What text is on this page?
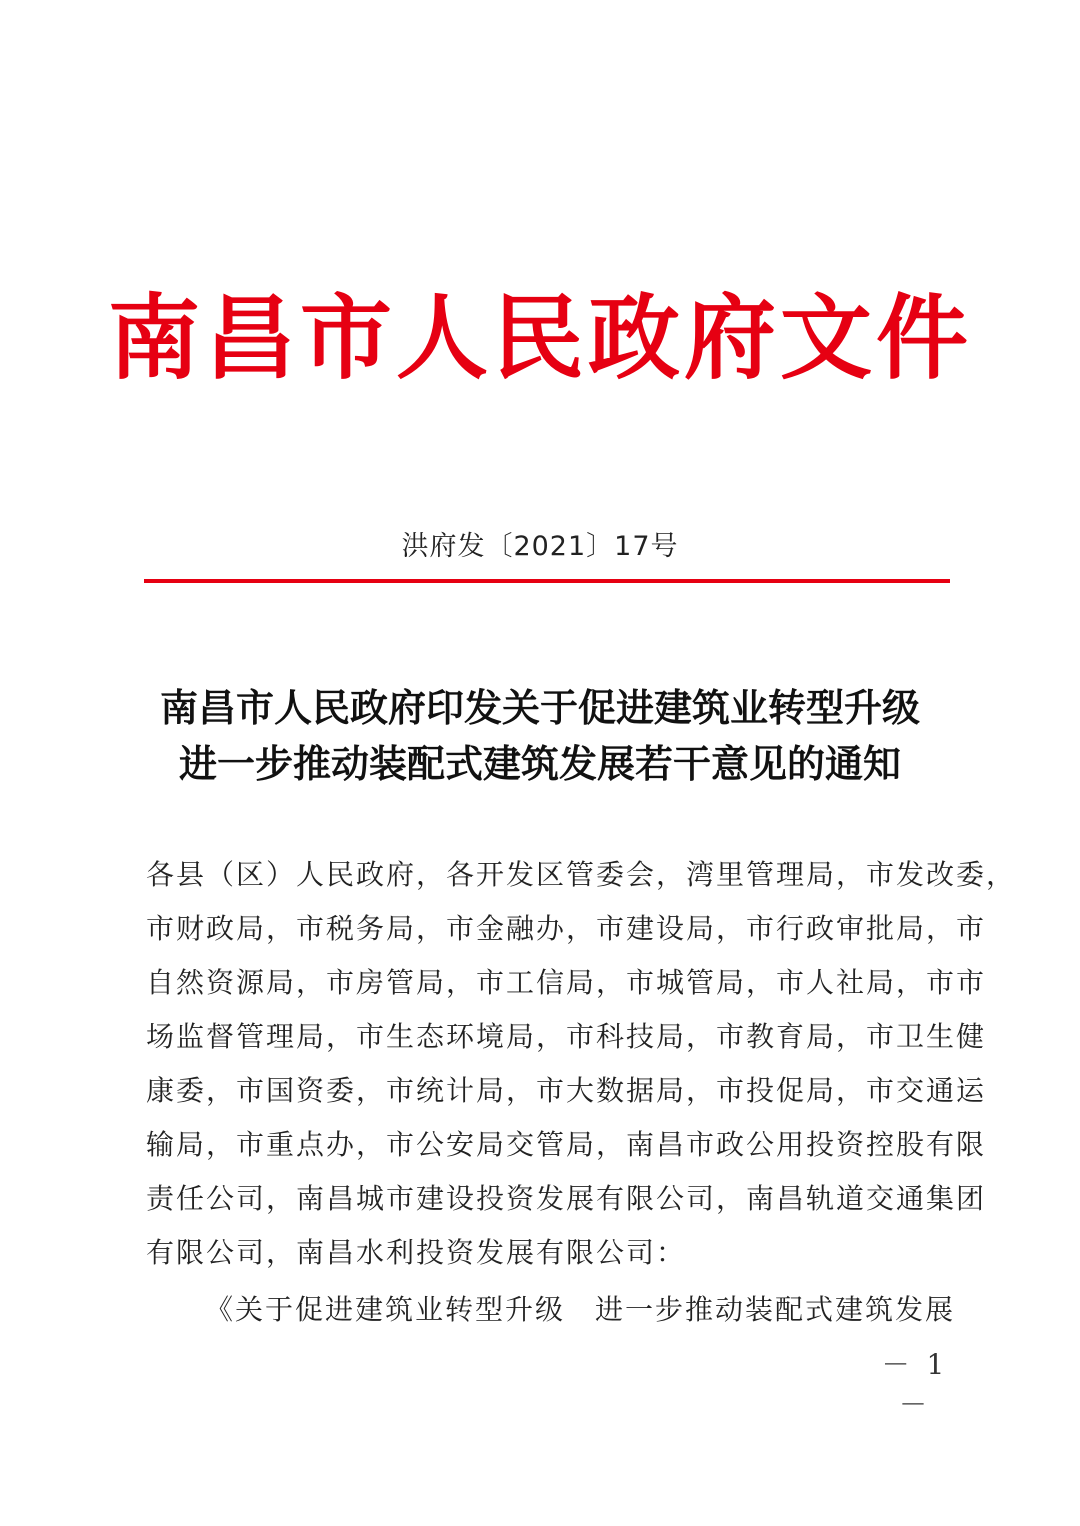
南昌市人民政府文件
洪府发〔2021〕17号
南昌市人民政府印发关于促进建筑业转型升级
进一步推动装配式建筑发展若干意见的通知
各县（区）人民政府，各开发区管委会，湾里管理局，市发改委，
市财政局，市税务局，市金融办，市建设局，市行政审批局，市
自然资源局，市房管局，市工信局，市城管局，市人社局，市市
场监督管理局，市生态环境局，市科技局，市教育局，市卫生健
康委，市国资委，市统计局，市大数据局，市投促局，市交通运
输局，市重点办，市公安局交管局，南昌市政公用投资控股有限
责任公司，南昌城市建设投资发展有限公司，南昌轨道交通集团
有限公司，南昌水利投资发展有限公司：
《关于促进建筑业转型升级　进一步推动装配式建筑发展
－ 1 －
